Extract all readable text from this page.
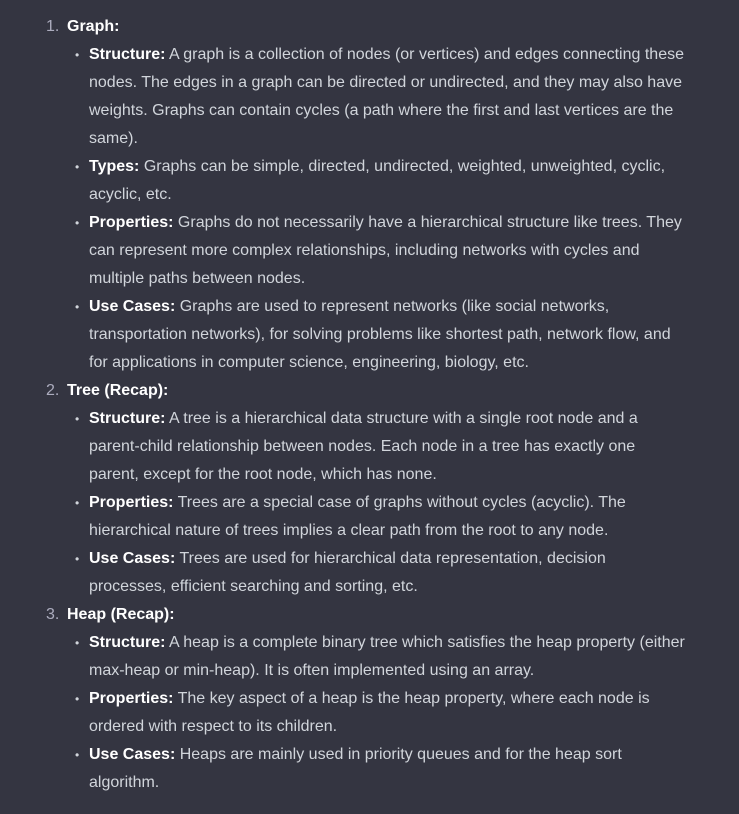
1. Graph:
• Structure: A graph is a collection of nodes (or vertices) and edges connecting these nodes. The edges in a graph can be directed or undirected, and they may also have weights. Graphs can contain cycles (a path where the first and last vertices are the same).
• Types: Graphs can be simple, directed, undirected, weighted, unweighted, cyclic, acyclic, etc.
• Properties: Graphs do not necessarily have a hierarchical structure like trees. They can represent more complex relationships, including networks with cycles and multiple paths between nodes.
• Use Cases: Graphs are used to represent networks (like social networks, transportation networks), for solving problems like shortest path, network flow, and for applications in computer science, engineering, biology, etc.
2. Tree (Recap):
• Structure: A tree is a hierarchical data structure with a single root node and a parent-child relationship between nodes. Each node in a tree has exactly one parent, except for the root node, which has none.
• Properties: Trees are a special case of graphs without cycles (acyclic). The hierarchical nature of trees implies a clear path from the root to any node.
• Use Cases: Trees are used for hierarchical data representation, decision processes, efficient searching and sorting, etc.
3. Heap (Recap):
• Structure: A heap is a complete binary tree which satisfies the heap property (either max-heap or min-heap). It is often implemented using an array.
• Properties: The key aspect of a heap is the heap property, where each node is ordered with respect to its children.
• Use Cases: Heaps are mainly used in priority queues and for the heap sort algorithm.
